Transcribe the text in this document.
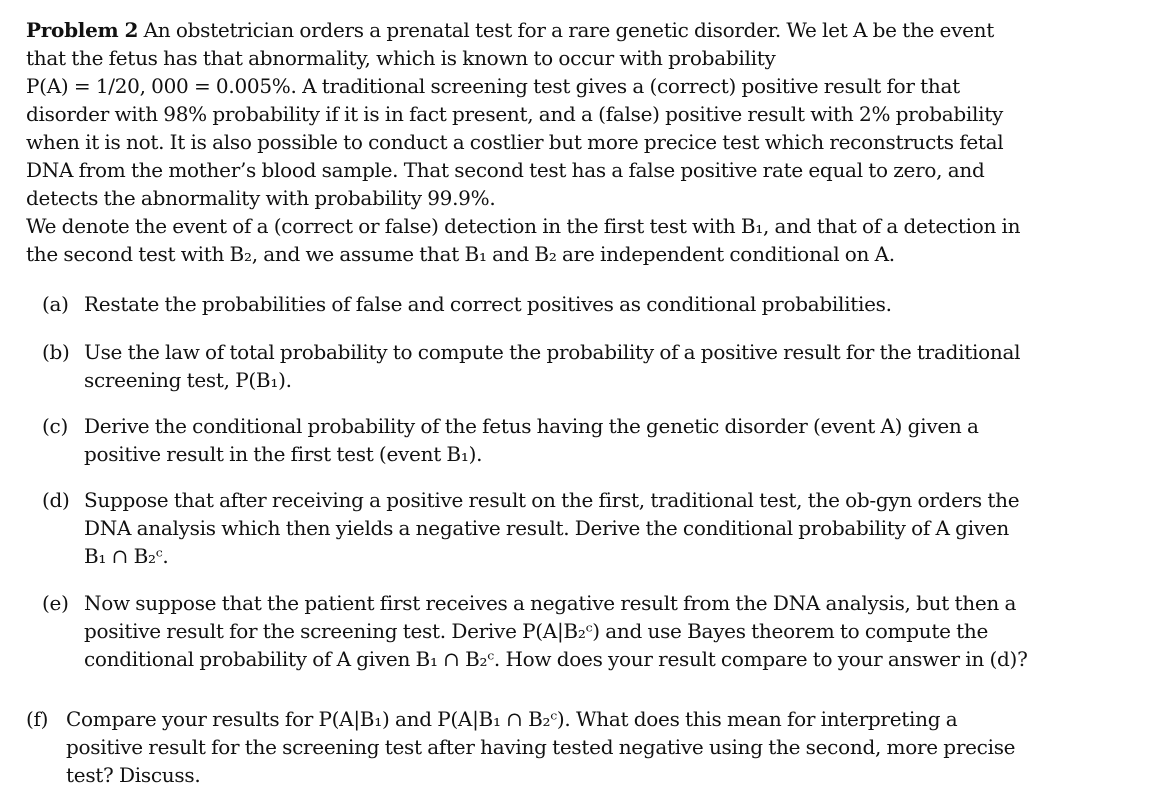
Problem 2 An obstetrician orders a prenatal test for a rare genetic disorder. We let A be the event
that the fetus has that abnormality, which is known to occur with probability
P(A) = 1/20, 000 = 0.005%. A traditional screening test gives a (correct) positive result for that
disorder with 98% probability if it is in fact present, and a (false) positive result with 2% probability
when it is not. It is also possible to conduct a costlier but more precice test which reconstructs fetal
DNA from the mother’s blood sample. That second test has a false positive rate equal to zero, and
detects the abnormality with probability 99.9%.
We denote the event of a (correct or false) detection in the first test with B₁, and that of a detection in
the second test with B₂, and we assume that B₁ and B₂ are independent conditional on A.
(a) Restate the probabilities of false and correct positives as conditional probabilities.
(b) Use the law of total probability to compute the probability of a positive result for the traditional
screening test, P(B₁).
(c) Derive the conditional probability of the fetus having the genetic disorder (event A) given a
positive result in the first test (event B₁).
(d) Suppose that after receiving a positive result on the first, traditional test, the ob-gyn orders the
DNA analysis which then yields a negative result. Derive the conditional probability of A given
B₁ ∩ B₂ᶜ.
(e) Now suppose that the patient first receives a negative result from the DNA analysis, but then a
positive result for the screening test. Derive P(A|B₂ᶜ) and use Bayes theorem to compute the
conditional probability of A given B₁ ∩ B₂ᶜ. How does your result compare to your answer in (d)?
(f) Compare your results for P(A|B₁) and P(A|B₁ ∩ B₂ᶜ). What does this mean for interpreting a
positive result for the screening test after having tested negative using the second, more precise
test? Discuss.
